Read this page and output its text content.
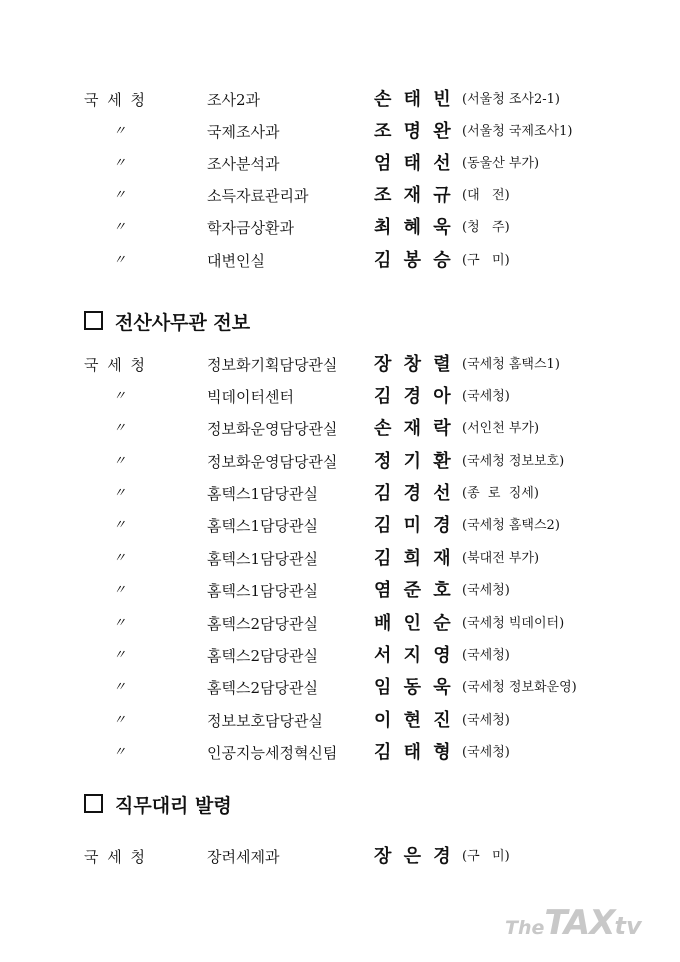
국 세 청	조사2과	손 태 빈 (서울청 조사2-1)
〃	국제조사과	조 명 완 (서울청 국제조사1)
〃	조사분석과	엄 태 선 (동울산 부가)
〃	소득자료관리과	조 재 규 (대   전)
〃	학자금상환과	최 혜 욱 (청   주)
〃	대변인실	김 봉 승 (구   미)
전산사무관 전보
국 세 청	정보화기획담당관실 장 창 렬 (국세청 홈택스1)
〃	빅데이터센터	김 경 아 (국세청)
〃	정보화운영담당관실 손 재 락 (서인천 부가)
〃	정보화운영담당관실 정 기 환 (국세청 정보보호)
〃	홈텍스1담당관실	김 경 선 (종  로  징세)
〃	홈텍스1담당관실	김 미 경 (국세청 홈택스2)
〃	홈텍스1담당관실	김 희 재 (북대전 부가)
〃	홈텍스1담당관실	염 준 호 (국세청)
〃	홈텍스2담당관실	배 인 순 (국세청 빅데이터)
〃	홈텍스2담당관실	서 지 영 (국세청)
〃	홈텍스2담당관실	임 동 욱 (국세청 정보화운영)
〃	정보보호담당관실	이 현 진 (국세청)
〃	인공지능세정혁신팀 김 태 형 (국세청)
직무대리 발령
국 세 청	장려세제과	장 은 경 (구   미)
TheTAXtv
